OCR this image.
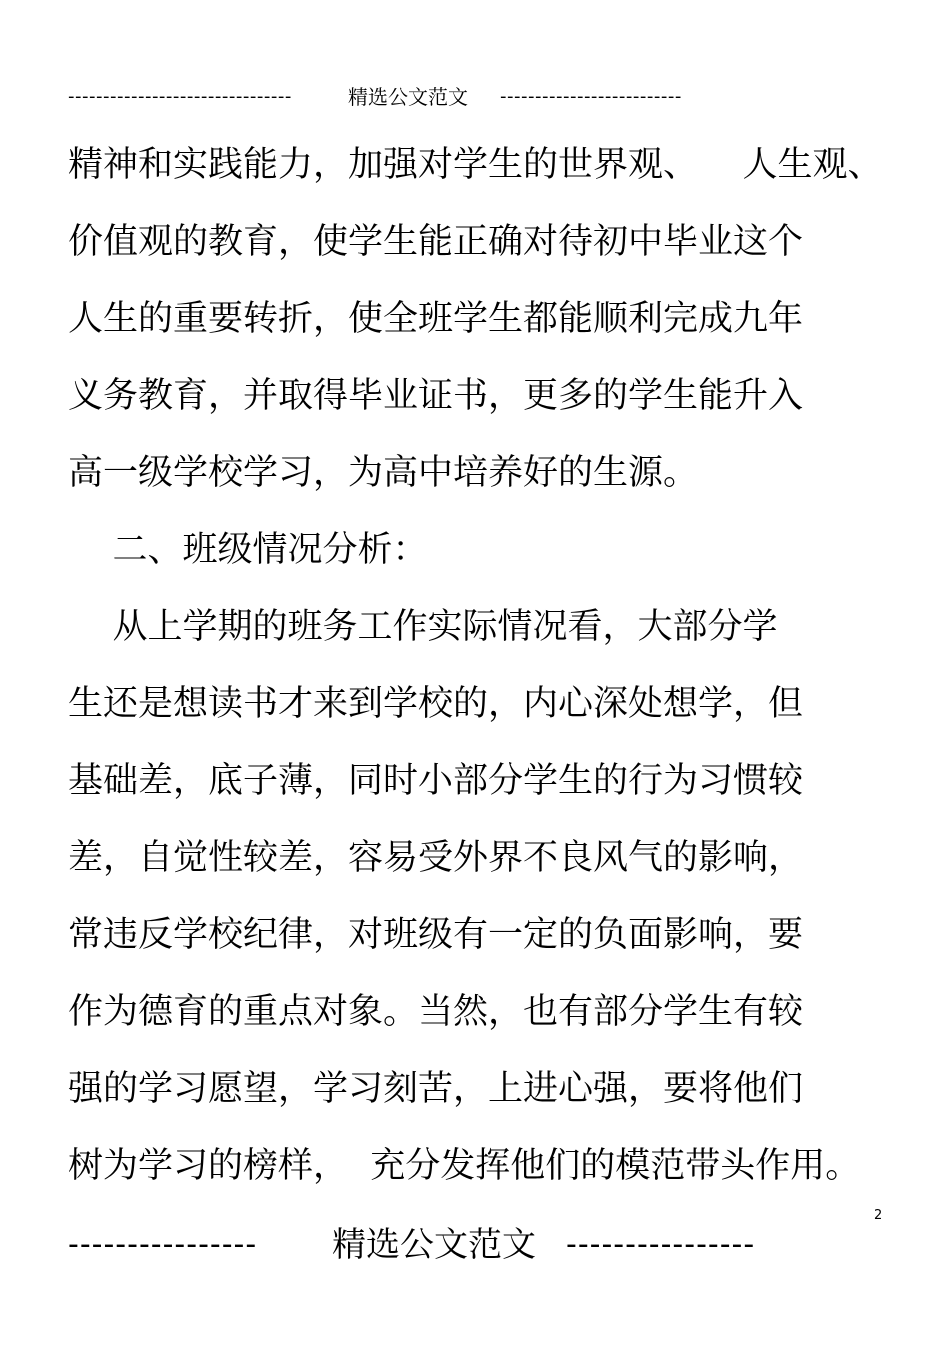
--------------------------------	精选公文范文 --------------------------
精神和实践能力，加强对学生的世界观、    人生观、
价值观的教育，使学生能正确对待初中毕业这个
人生的重要转折，使全班学生都能顺利完成九年
义务教育，并取得毕业证书，更多的学生能升入
高一级学校学习，为高中培养好的生源。
二、班级情况分析：
从上学期的班务工作实际情况看，大部分学
生还是想读书才来到学校的，内心深处想学，但
基础差，底子薄，同时小部分学生的行为习惯较
差，自觉性较差，容易受外界不良风气的影响，
常违反学校纪律，对班级有一定的负面影响，要
作为德育的重点对象。当然，也有部分学生有较
强的学习愿望，学习刻苦，上进心强，要将他们
树为学习的榜样，  充分发挥他们的模范带头作用。
2
---------------- 精选公文范文 ----------------
